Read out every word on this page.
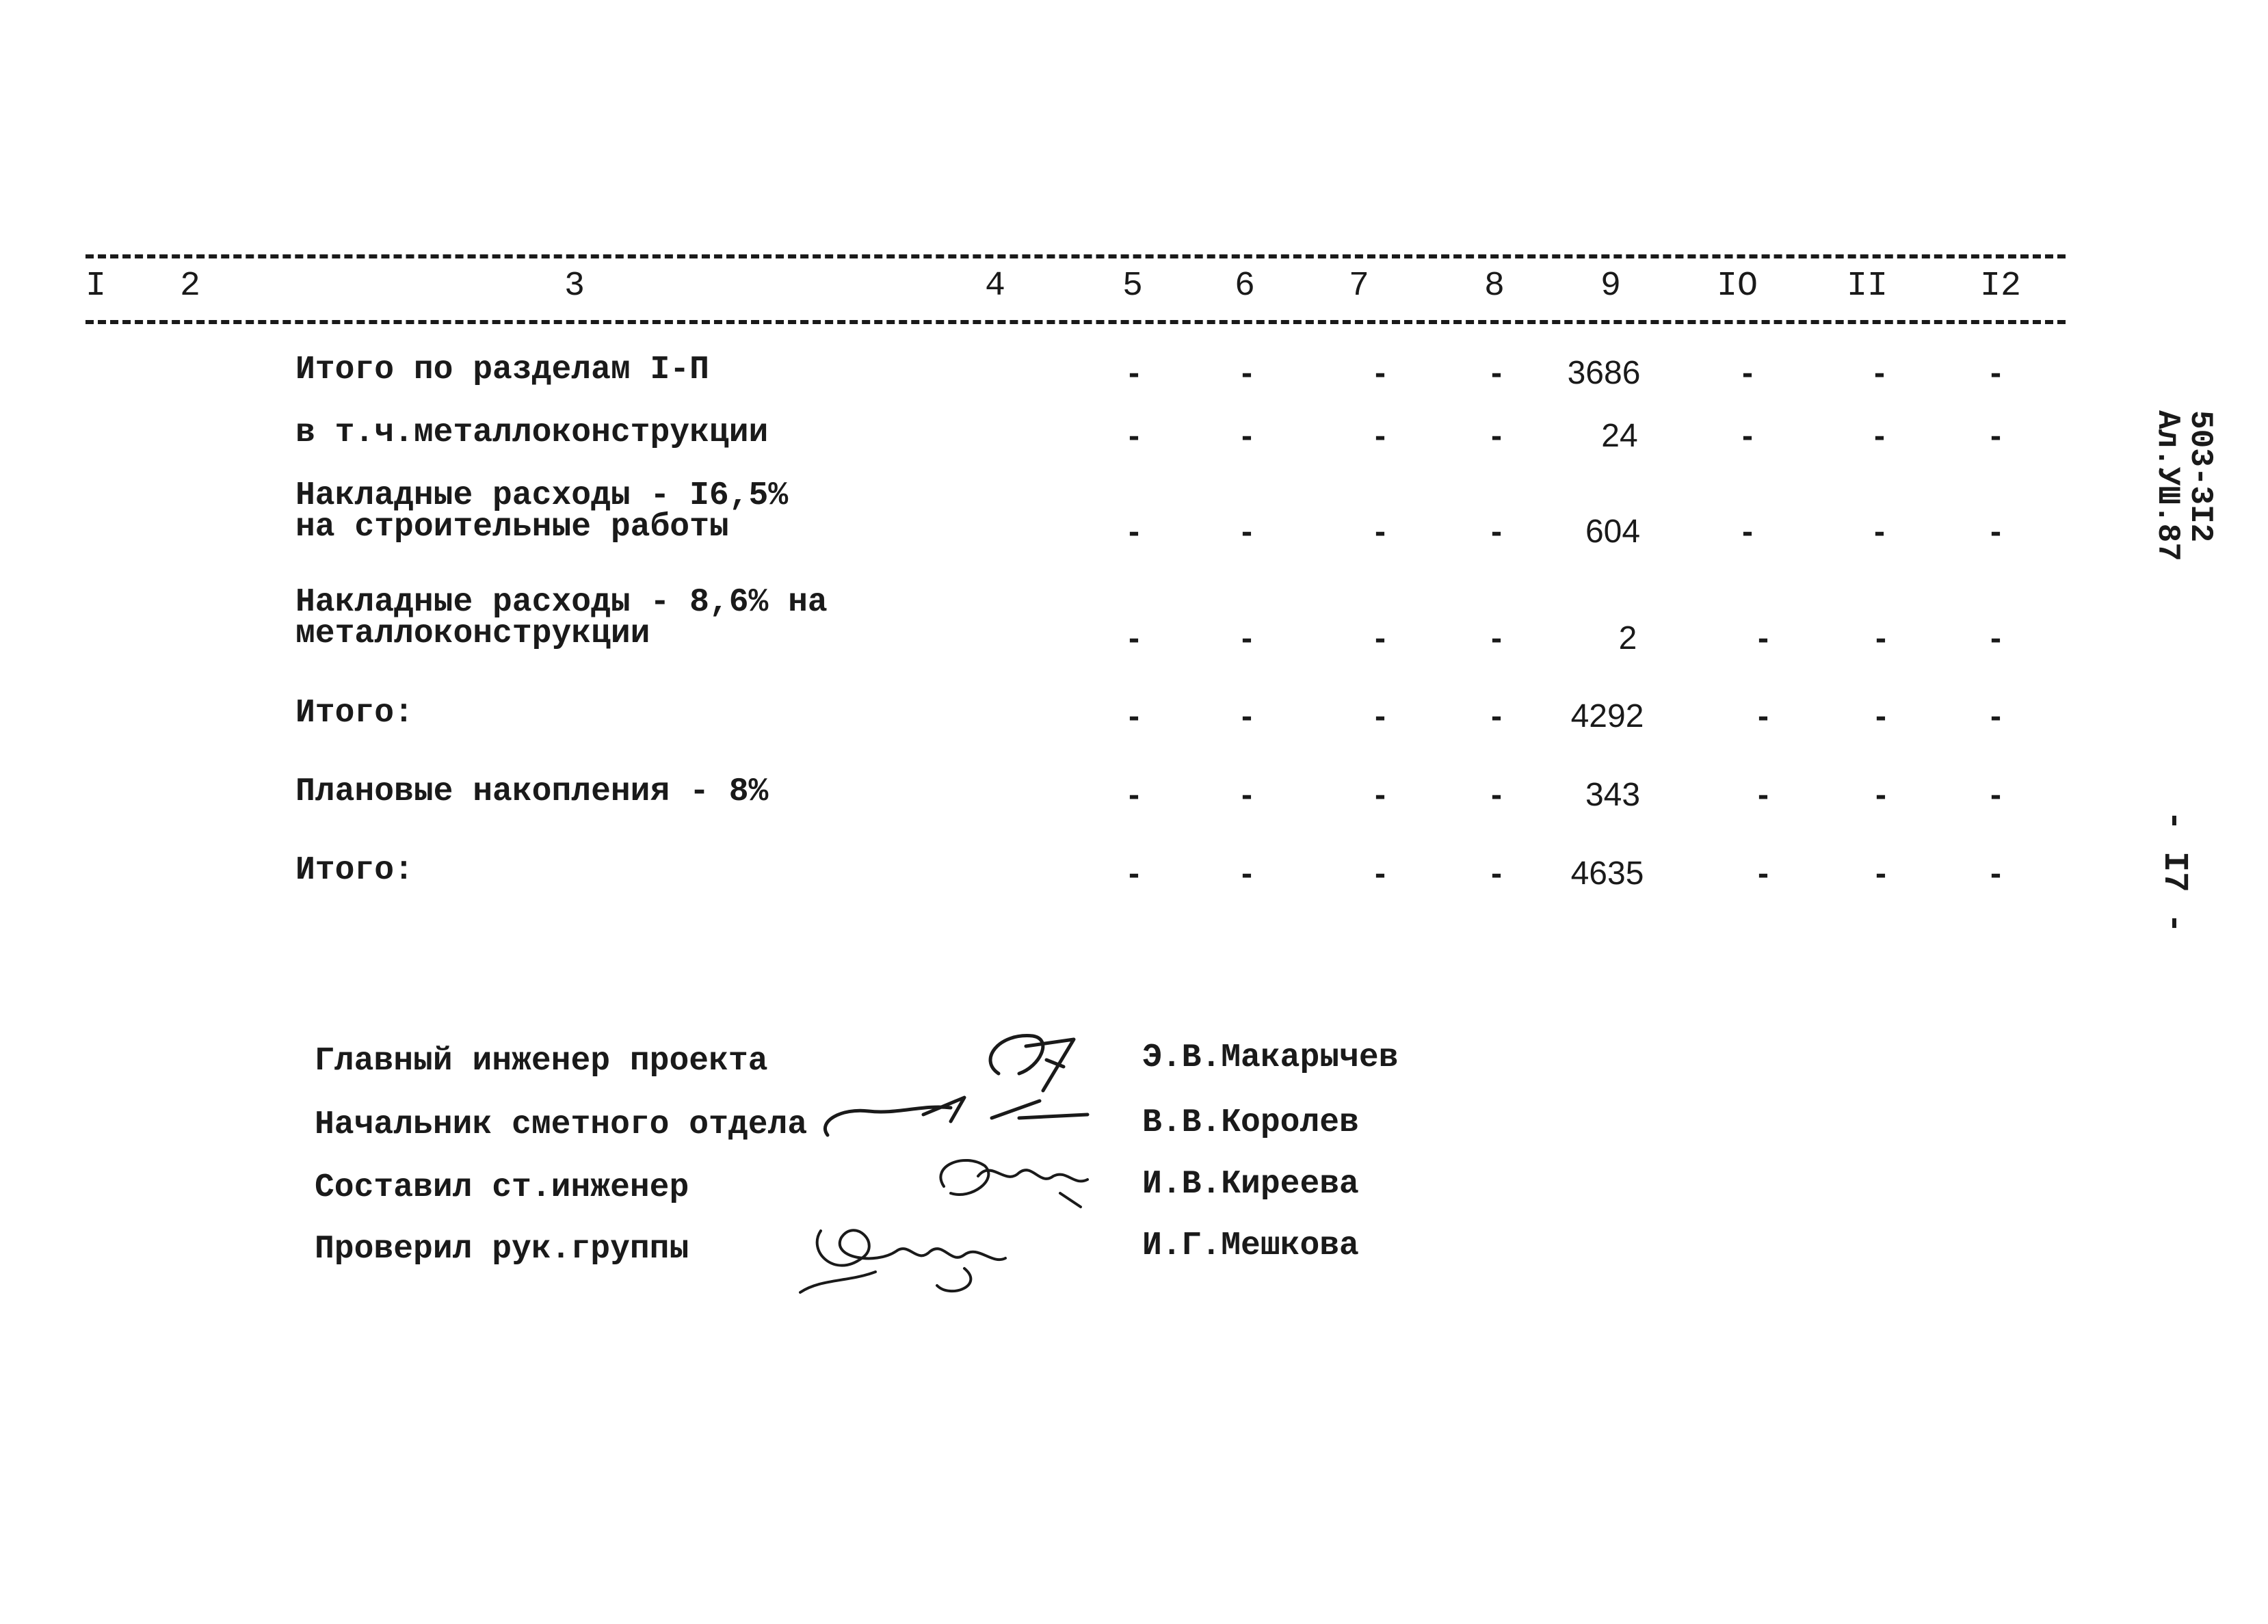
I 2	3	4	5	6	7	8	9	IO	II	I2
Итого по разделам I-П	-	-	-	- 3686	-	-	-
в т.ч.металлоконструкции	-	-	-	-	24	-	-	-
Накладные расходы - I6,5%
на строительные работы	-	-	-	-	604	-	-	-
Накладные расходы - 8,6% на
металлоконструкции	-	-	-	-	2	-	-	-
Итого:	-	-	-	- 4292	-	-	-
Плановые накопления - 8%	-	-	-	-	343	-	-	-
Итого:	-	-	-	- 4635	-	-	-
503-3I2
Ал.УШ.87
- I7 -
Главный инженер проекта	Э.В.Макарычев
Начальник сметного отдела	В.В.Королев
Составил ст.инженер	И.В.Киреева
Проверил рук.группы	И.Г.Мешкова
